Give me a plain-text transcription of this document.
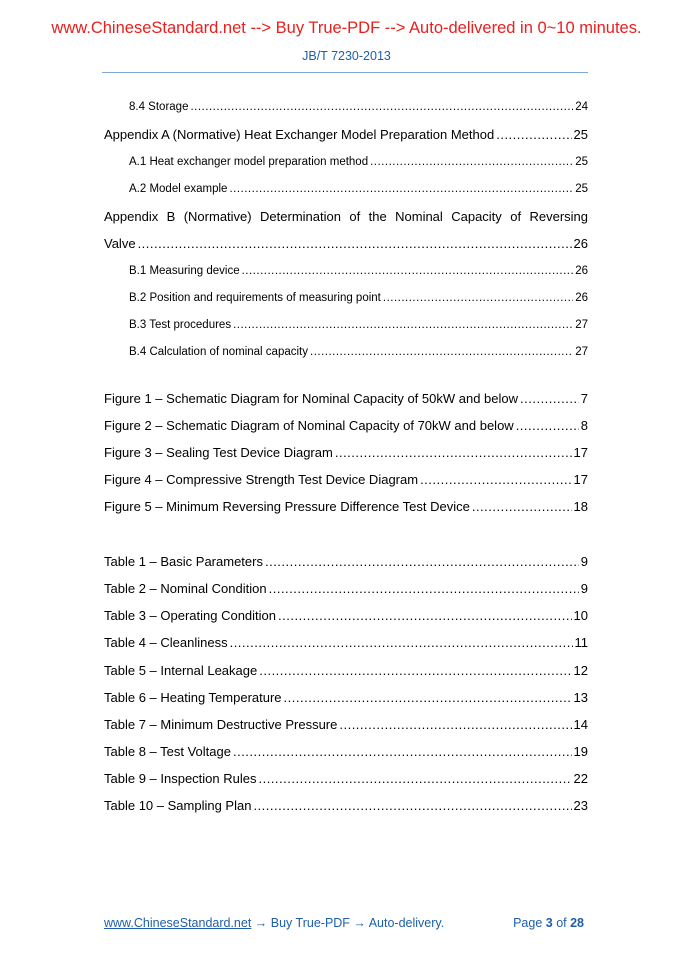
www.ChineseStandard.net --> Buy True-PDF --> Auto-delivered in 0~10 minutes.
JB/T 7230-2013
8.4 Storage .....	24
Appendix A (Normative) Heat Exchanger Model Preparation Method .....	25
A.1 Heat exchanger model preparation method .....	25
A.2 Model example .....	25
Appendix B (Normative) Determination of the Nominal Capacity of Reversing
Valve .....	26
B.1 Measuring device .....	26
B.2 Position and requirements of measuring point .....	26
B.3 Test procedures .....	27
B.4 Calculation of nominal capacity .....	27
Figure 1 – Schematic Diagram for Nominal Capacity of 50kW and below .....	7
Figure 2 – Schematic Diagram of Nominal Capacity of 70kW and below .....	8
Figure 3 – Sealing Test Device Diagram .....	17
Figure 4 – Compressive Strength Test Device Diagram .....	17
Figure 5 – Minimum Reversing Pressure Difference Test Device .....	18
Table 1 – Basic Parameters .....	9
Table 2 – Nominal Condition .....	9
Table 3 – Operating Condition .....	10
Table 4 – Cleanliness .....	11
Table 5 – Internal Leakage .....	12
Table 6 – Heating Temperature .....	13
Table 7 – Minimum Destructive Pressure .....	14
Table 8 – Test Voltage .....	19
Table 9 – Inspection Rules .....	22
Table 10 – Sampling Plan .....	23
www.ChineseStandard.net → Buy True-PDF → Auto-delivery.	Page 3 of 28
